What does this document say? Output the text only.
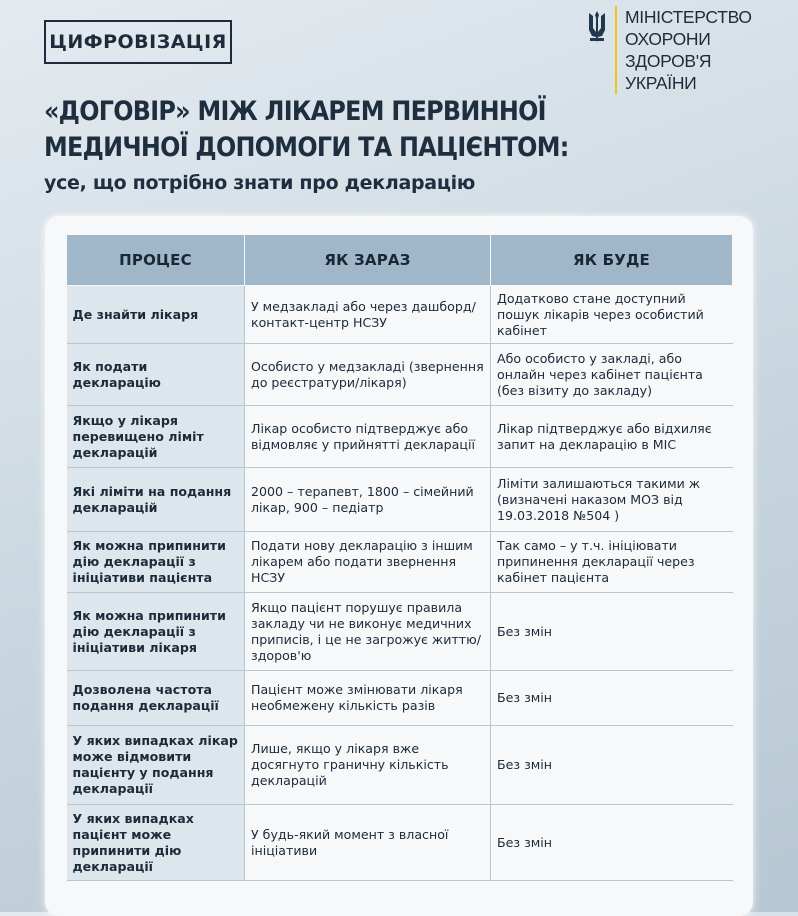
ЦИФРОВІЗАЦІЯ
МІНІСТЕРСТВО
ОХОРОНИ
ЗДОРОВ'Я
УКРАЇНИ
«ДОГОВІР» МІЖ ЛІКАРЕМ ПЕРВИННОЇ
МЕДИЧНОЇ ДОПОМОГИ ТА ПАЦІЄНТОМ:
усе, що потрібно знати про декларацію
ПРОЦЕС	ЯК ЗАРАЗ	ЯК БУДЕ
Де знайти лікаря	У медзакладі або через дашборд/ контакт-центр НСЗУ	Додатково стане доступний пошук лікарів через особистий кабінет
Як подати декларацію	Особисто у медзакладі (звернення до реєстратури/лікаря)	Або особисто у закладі, або онлайн через кабінет пацієнта (без візиту до закладу)
Якщо у лікаря перевищено ліміт декларацій	Лікар особисто підтверджує або відмовляє у прийнятті декларації	Лікар підтверджує або відхиляє запит на декларацію в МІС
Які ліміти на подання декларацій	2000 – терапевт, 1800 – сімейний лікар, 900 – педіатр	Ліміти залишаються такими ж (визначені наказом МОЗ від 19.03.2018 №504 )
Як можна припинити дію декларації з ініціативи пацієнта	Подати нову декларацію з іншим лікарем або подати звернення НСЗУ	Так само – у т.ч. ініціювати припинення декларації через кабінет пацієнта
Як можна припинити дію декларації з ініціативи лікаря	Якщо пацієнт порушує правила закладу чи не виконує медичних приписів, і це не загрожує життю/ здоров'ю	Без змін
Дозволена частота подання декларації	Пацієнт може змінювати лікаря необмежену кількість разів	Без змін
У яких випадках лікар може відмовити пацієнту у подання декларації	Лише, якщо у лікаря вже досягнуто граничну кількість декларацій	Без змін
У яких випадках пацієнт може припинити дію декларації	У будь-який момент з власної ініціативи	Без змін
